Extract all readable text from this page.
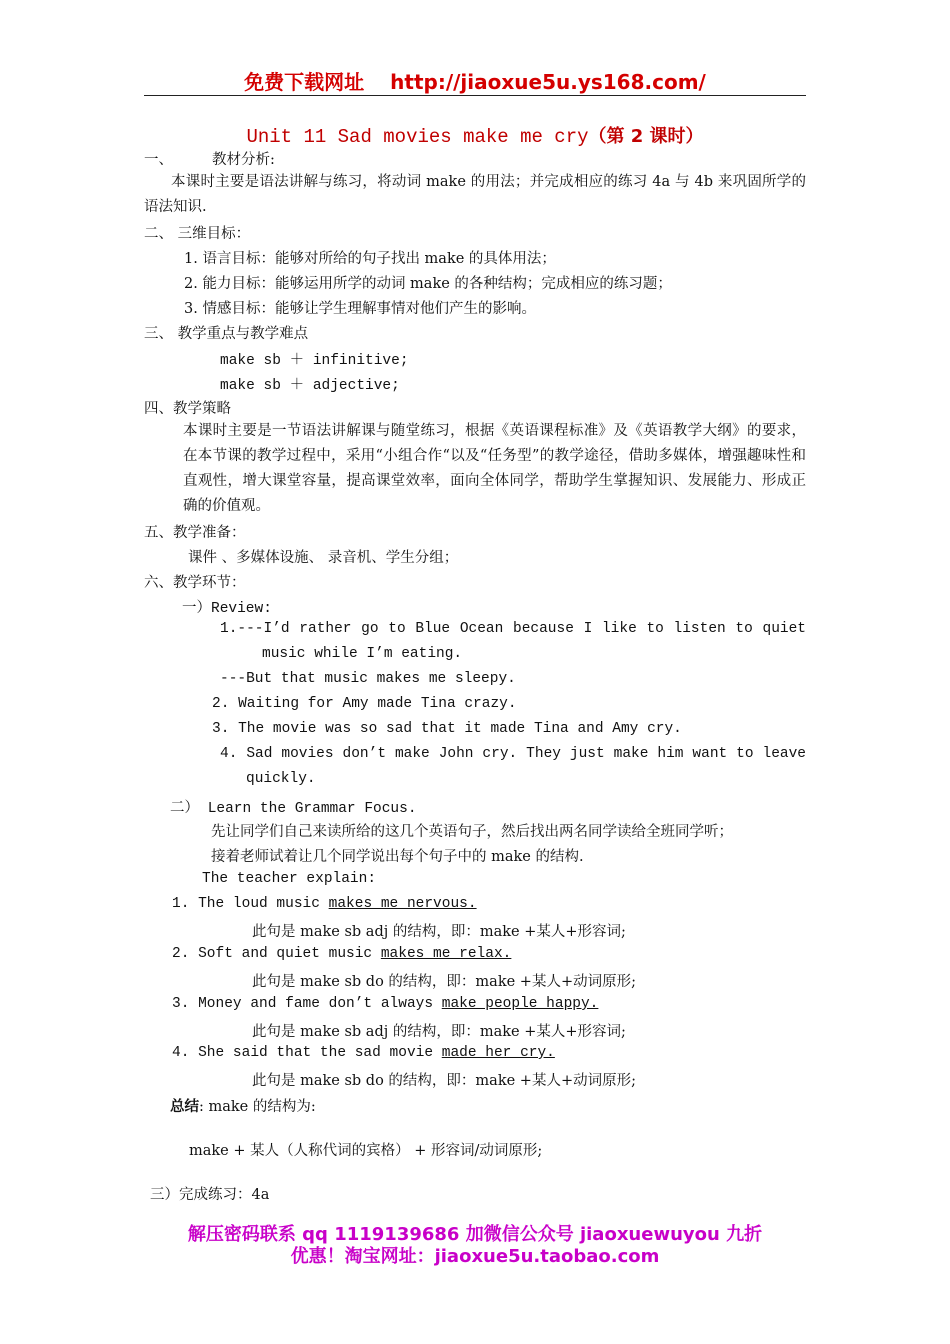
免费下载网址 http://jiaoxue5u.ys168.com/
Unit 11 Sad movies make me cry（第 2 课时）
一、	教材分析:
本课时主要是语法讲解与练习，将动词 make 的用法；并完成相应的练习 4a 与 4b 来巩固所学的语法知识.
二、 三维目标：
1. 语言目标：能够对所给的句子找出 make 的具体用法；
2. 能力目标：能够运用所学的动词 make 的各种结构；完成相应的练习题；
3. 情感目标：能够让学生理解事情对他们产生的影响。
三、 教学重点与教学难点
make sb ＋ infinitive;
make sb ＋ adjective;
四、教学策略
本课时主要是一节语法讲解课与随堂练习，根据《英语课程标准》及《英语教学大纲》的要求，在本节课的教学过程中，采用“小组合作“以及“任务型”的教学途径，借助多媒体，增强趣味性和直观性，增大课堂容量，提高课堂效率，面向全体同学，帮助学生掌握知识、发展能力、形成正确的价值观。
五、教学准备：
课件 、多媒体设施、 录音机、学生分组；
六、教学环节：
一）Review:
1.---I’d rather go to Blue Ocean because I like to listen to quiet
music while I’m eating.
---But that music makes me sleepy.
2. Waiting for Amy made Tina crazy.
3. The movie was so sad that it made Tina and Amy cry.
4. Sad movies don’t make John cry. They just make him want to leave
quickly.
二） Learn the Grammar Focus.
先让同学们自己来读所给的这几个英语句子，然后找出两名同学读给全班同学听；
接着老师试着让几个同学说出每个句子中的 make 的结构.
The teacher explain:
1. The loud music makes me nervous.
此句是 make sb adj 的结构，即：make +某人+形容词;
2. Soft and quiet music makes me relax.
此句是 make sb do 的结构，即：make +某人+动词原形;
3. Money and fame don’t always make people happy.
此句是 make sb adj 的结构，即：make +某人+形容词;
4. She said that the sad movie made her cry.
此句是 make sb do 的结构，即：make +某人+动词原形;
总结: make 的结构为:
make + 某人（人称代词的宾格） + 形容词/动词原形;
三）完成练习：4a
解压密码联系 qq 1119139686 加微信公众号 jiaoxuewuyou 九折
优惠！淘宝网址：jiaoxue5u.taobao.com
